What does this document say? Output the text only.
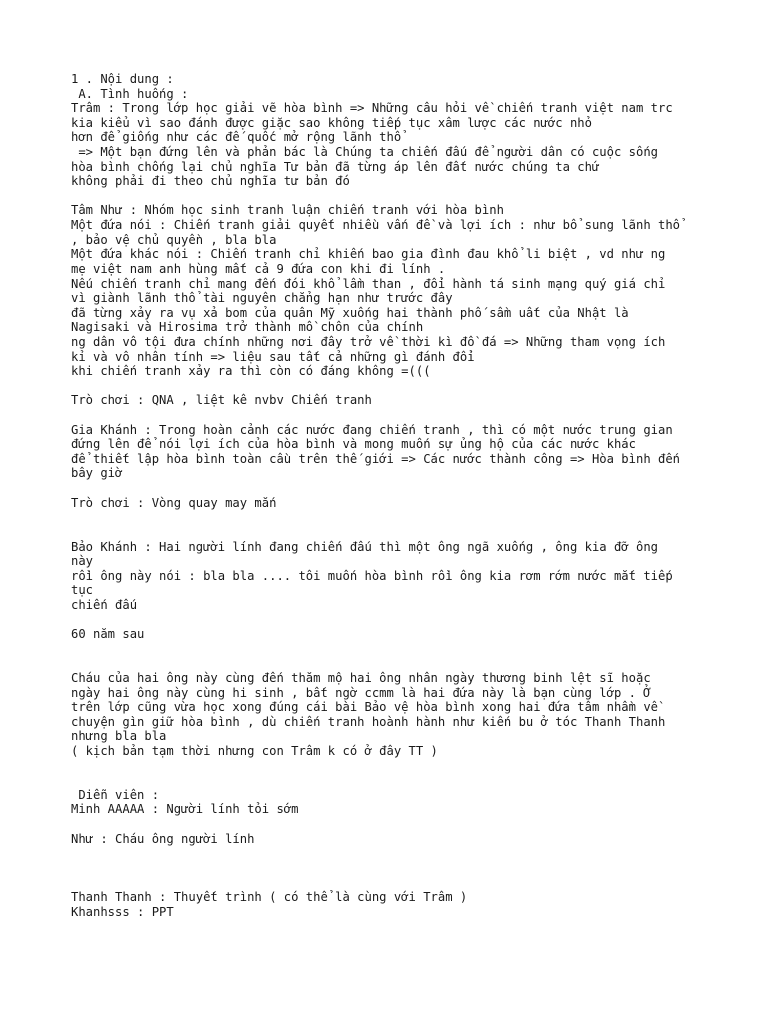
1 . Nội dung :
A. Tình huống :
Trâm : Trong lớp học giải vẽ hòa bình => Những câu hỏi về chiến tranh việt nam trc
kia kiểu vì sao đánh được giặc sao không tiếp tục xâm lược các nước nhỏ
hơn để giống như các đế quốc mở rộng lãnh thổ
=> Một bạn đứng lên và phản bác là Chúng ta chiến đấu để người dân có cuộc sống
hòa bình chống lại chủ nghĩa Tư bản đã từng áp lên đất nước chúng ta chứ
không phải đi theo chủ nghĩa tư bản đó
Tâm Như : Nhóm học sinh tranh luận chiến tranh với hòa bình
Một đứa nói : Chiến tranh giải quyết nhiều vấn đề và lợi ích : như bổ sung lãnh thổ
, bảo vệ chủ quyền , bla bla
Một đứa khác nói : Chiến tranh chỉ khiến bao gia đình đau khổ li biệt , vd như ng
mẹ việt nam anh hùng mất cả 9 đứa con khi đi lính .
Nếu chiến tranh chỉ mang đến đói khổ lầm than , đổi hành tá sinh mạng quý giá chỉ
vì giành lãnh thổ tài nguyên chẳng hạn như trước đây
đã từng xảy ra vụ xả bom của quân Mỹ xuống hai thành phố sầm uất của Nhật là
Nagisaki và Hirosima trở thành mồ chôn của chính
ng dân vô tội đưa chính những nơi đây trở về thời kì đồ đá => Những tham vọng ích
kỉ và vô nhân tính => liệu sau tất cả những gì đánh đổi
khi chiến tranh xảy ra thì còn có đáng không =(((
Trò chơi : QNA , liệt kê nvbv Chiến tranh
Gia Khánh : Trong hoàn cảnh các nước đang chiến tranh , thì có một nước trung gian
đứng lên để nói lợi ích của hòa bình và mong muốn sự ủng hộ của các nước khác
để thiết lập hòa bình toàn cầu trên thế giới => Các nước thành công => Hòa bình đến
bây giờ
Trò chơi : Vòng quay may mắn
Bảo Khánh : Hai người lính đang chiến đấu thì một ông ngã xuống , ông kia đỡ ông
này
rồi ông này nói : bla bla .... tôi muốn hòa bình rồi ông kia rơm rớm nước mắt tiếp
tục
chiến đấu
60 năm sau
Cháu của hai ông này cùng đến thăm mộ hai ông nhân ngày thương binh lệt sĩ hoặc
ngày hai ông này cùng hi sinh , bất ngờ ccmm là hai đứa này là bạn cùng lớp . Ở
trên lớp cũng vừa học xong đúng cái bài Bảo vệ hòa bình xong hai đứa tâm nhầm về
chuyện gìn giữ hòa bình , dù chiến tranh hoành hành như kiến bu ở tóc Thanh Thanh
nhưng bla bla
( kịch bản tạm thời nhưng con Trâm k có ở đây TT )
Diễn viên :
Minh AAAAA : Người lính tỏi sớm
Như : Cháu ông người lính
Thanh Thanh : Thuyết trình ( có thể là cùng với Trâm )
Khanhsss : PPT
